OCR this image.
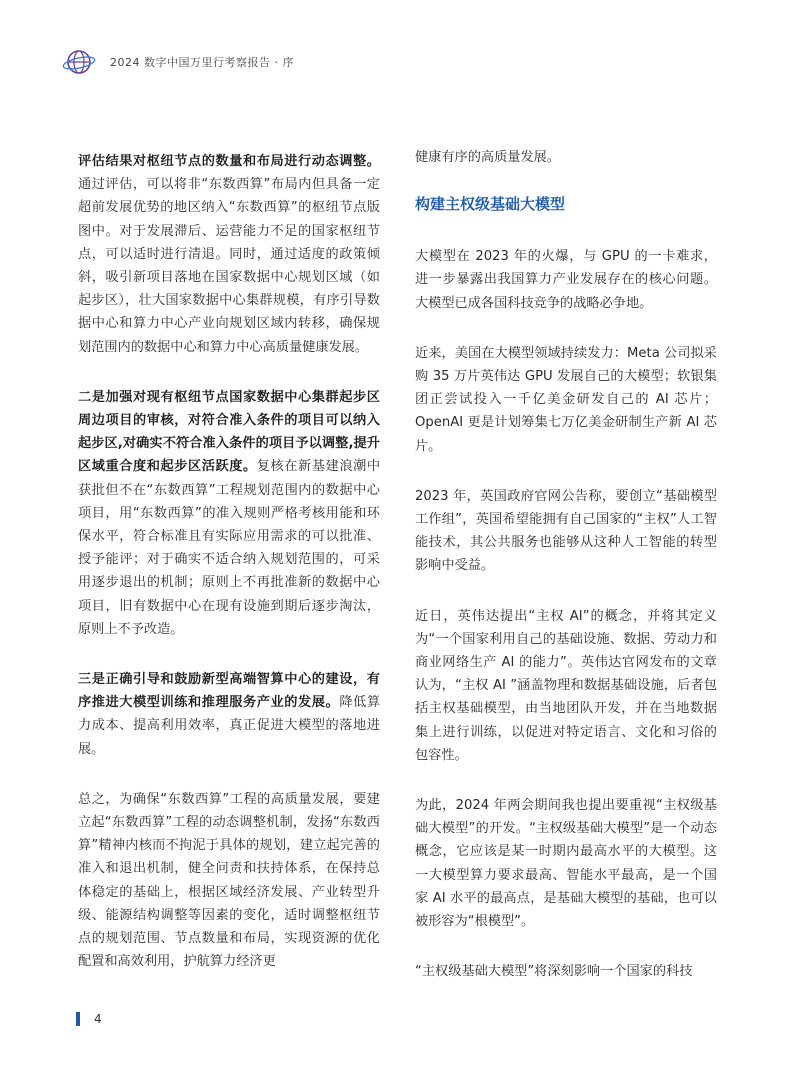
2024 数字中国万里行考察报告 · 序

评估结果对枢纽节点的数量和布局进行动态调整。通过评估，可以将非“东数西算”布局内但具备一定超前发展优势的地区纳入“东数西算”的枢纽节点版图中。对于发展滞后、运营能力不足的国家枢纽节点，可以适时进行清退。同时，通过适度的政策倾斜，吸引新项目落地在国家数据中心规划区域（如起步区），壮大国家数据中心集群规模，有序引导数据中心和算力中心产业向规划区域内转移，确保规划范围内的数据中心和算力中心高质量健康发展。

二是加强对现有枢纽节点国家数据中心集群起步区周边项目的审核，对符合准入条件的项目可以纳入起步区,对确实不符合准入条件的项目予以调整,提升区域重合度和起步区活跃度。复核在新基建浪潮中获批但不在“东数西算”工程规划范围内的数据中心项目，用“东数西算”的准入规则严格考核用能和环保水平，符合标准且有实际应用需求的可以批准、授予能评；对于确实不适合纳入规划范围的，可采用逐步退出的机制；原则上不再批准新的数据中心项目，旧有数据中心在现有设施到期后逐步淘汰，原则上不予改造。

三是正确引导和鼓励新型高端智算中心的建设，有序推进大模型训练和推理服务产业的发展。降低算力成本、提高利用效率，真正促进大模型的落地进展。

总之，为确保“东数西算”工程的高质量发展，要建立起“东数西算”工程的动态调整机制，发扬“东数西算”精神内核而不拘泥于具体的规划，建立起完善的准入和退出机制，健全问责和扶持体系，在保持总体稳定的基础上，根据区域经济发展、产业转型升级、能源结构调整等因素的变化，适时调整枢纽节点的规划范围、节点数量和布局，实现资源的优化配置和高效利用，护航算力经济更

健康有序的高质量发展。

构建主权级基础大模型

大模型在 2023 年的火爆，与 GPU 的一卡难求，进一步暴露出我国算力产业发展存在的核心问题。大模型已成各国科技竞争的战略必争地。

近来，美国在大模型领域持续发力：Meta 公司拟采购 35 万片英伟达 GPU 发展自己的大模型；软银集团正尝试投入一千亿美金研发自己的 AI 芯片；OpenAI 更是计划筹集七万亿美金研制生产新 AI 芯片。

2023 年，英国政府官网公告称，要创立“基础模型工作组”，英国希望能拥有自己国家的“主权”人工智能技术，其公共服务也能够从这种人工智能的转型影响中受益。

近日，英伟达提出“主权 AI”的概念，并将其定义为“一个国家利用自己的基础设施、数据、劳动力和商业网络生产 AI 的能力”。英伟达官网发布的文章认为，“主权 AI ”涵盖物理和数据基础设施，后者包括主权基础模型，由当地团队开发，并在当地数据集上进行训练，以促进对特定语言、文化和习俗的包容性。

为此，2024 年两会期间我也提出要重视“主权级基础大模型”的开发。“主权级基础大模型”是一个动态概念，它应该是某一时期内最高水平的大模型。这一大模型算力要求最高、智能水平最高，是一个国家 AI 水平的最高点，是基础大模型的基础，也可以被形容为“根模型”。

“主权级基础大模型”将深刻影响一个国家的科技

4
